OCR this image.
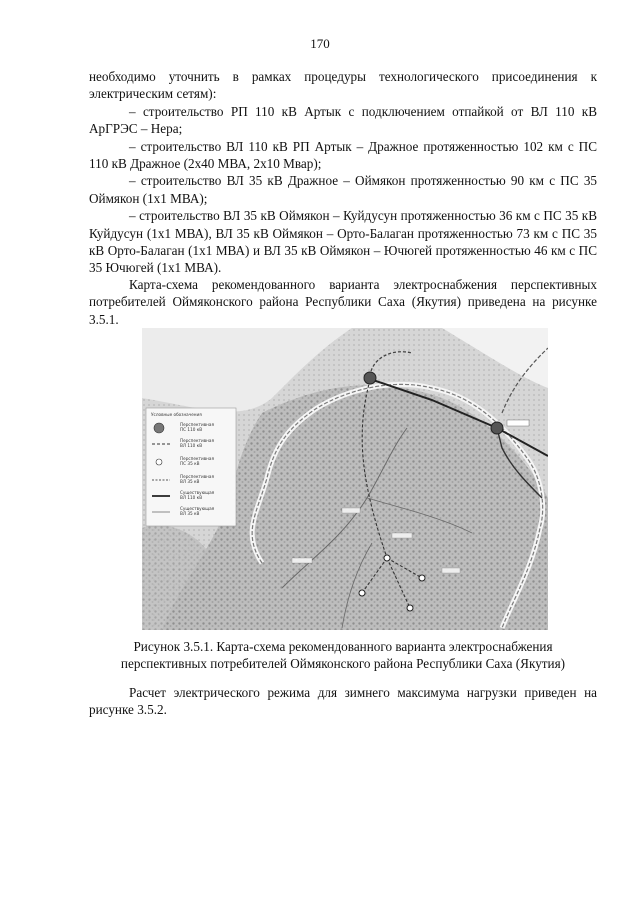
170

необходимо уточнить в рамках процедуры технологического присоединения к

электрическим сетям):

– строительство РП 110 кВ Артык с подключением отпайкой от ВЛ 110 кВ АрГРЭС – Нера;

– строительство ВЛ 110 кВ РП Артык – Дражное протяженностью 102 км с ПС 110 кВ Дражное (2х40 МВА, 2х10 Мвар);

– строительство ВЛ 35 кВ Дражное – Оймякон протяженностью 90 км с ПС 35 Оймякон (1х1 МВА);

– строительство ВЛ 35 кВ Оймякон – Куйдусун протяженностью 36 км с ПС 35 кВ Куйдусун (1х1 МВА), ВЛ 35 кВ Оймякон – Орто-Балаган протяженностью 73 км с ПС 35 кВ Орто-Балаган (1х1 МВА) и ВЛ 35 кВ Оймякон – Ючюгей протяженностью 46 км с ПС 35 Ючюгей (1х1 МВА).

Карта-схема рекомендованного варианта электроснабжения перспективных потребителей Оймяконского района Республики Саха (Якутия) приведена на рисунке 3.5.1.

Условные обозначения
Перспективная
ПС 110 кВ
Перспективная
ВЛ 110 кВ
Перспективная
ПС 35 кВ
Перспективная
ВЛ 35 кВ
Существующая
ВЛ 110 кВ
Существующая
ВЛ 35 кВ

Рисунок 3.5.1. Карта-схема рекомендованного варианта электроснабжения

перспективных потребителей Оймяконского района Республики Саха (Якутия)

Расчет электрического режима для зимнего максимума нагрузки приведен на рисунке 3.5.2.
